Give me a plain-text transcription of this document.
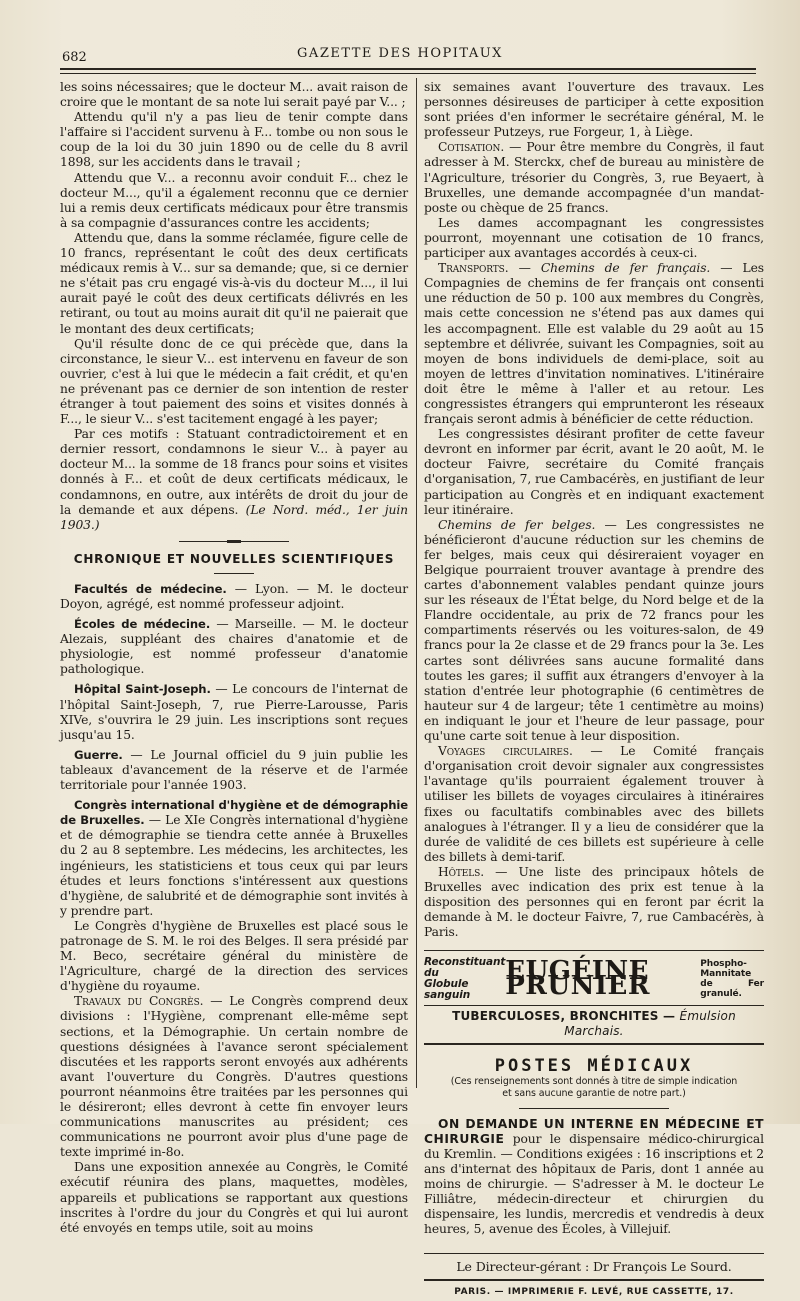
682	GAZETTE DES HOPITAUX

les soins nécessaires; que le docteur M... avait raison de croire que le montant de sa note lui serait payé par V... ;

Attendu qu'il n'y a pas lieu de tenir compte dans l'affaire si l'accident survenu à F... tombe ou non sous le coup de la loi du 30 juin 1890 ou de celle du 8 avril 1898, sur les accidents dans le travail ;

Attendu que V... a reconnu avoir conduit F... chez le docteur M..., qu'il a également reconnu que ce dernier lui a remis deux certificats médicaux pour être transmis à sa compagnie d'assurances contre les accidents;

Attendu que, dans la somme réclamée, figure celle de 10 francs, représentant le coût des deux certificats médicaux remis à V... sur sa demande; que, si ce dernier ne s'était pas cru engagé vis-à-vis du docteur M..., il lui aurait payé le coût des deux certificats délivrés en les retirant, ou tout au moins aurait dit qu'il ne paierait que le montant des deux certificats;

Qu'il résulte donc de ce qui précède que, dans la circonstance, le sieur V... est intervenu en faveur de son ouvrier, c'est à lui que le médecin a fait crédit, et qu'en ne prévenant pas ce dernier de son intention de rester étranger à tout paiement des soins et visites donnés à F..., le sieur V... s'est tacitement engagé à les payer;

Par ces motifs : Statuant contradictoirement et en dernier ressort, condamnons le sieur V... à payer au docteur M... la somme de 18 francs pour soins et visites donnés à F... et coût de deux certificats médicaux, le condamnons, en outre, aux intérêts de droit du jour de la demande et aux dépens. (Le Nord. méd., 1er juin 1903.)

CHRONIQUE ET NOUVELLES SCIENTIFIQUES

Facultés de médecine. — Lyon. — M. le docteur Doyon, agrégé, est nommé professeur adjoint.

Écoles de médecine. — Marseille. — M. le docteur Alezais, suppléant des chaires d'anatomie et de physiologie, est nommé professeur d'anatomie pathologique.

Hôpital Saint-Joseph. — Le concours de l'internat de l'hôpital Saint-Joseph, 7, rue Pierre-Larousse, Paris XIVe, s'ouvrira le 29 juin. Les inscriptions sont reçues jusqu'au 15.

Guerre. — Le Journal officiel du 9 juin publie les tableaux d'avancement de la réserve et de l'armée territoriale pour l'année 1903.

Congrès international d'hygiène et de démographie de Bruxelles. — Le XIe Congrès international d'hygiène et de démographie se tiendra cette année à Bruxelles du 2 au 8 septembre. Les médecins, les architectes, les ingénieurs, les statisticiens et tous ceux qui par leurs études et leurs fonctions s'intéressent aux questions d'hygiène, de salubrité et de démographie sont invités à y prendre part.

Le Congrès d'hygiène de Bruxelles est placé sous le patronage de S. M. le roi des Belges. Il sera présidé par M. Beco, secrétaire général du ministère de l'Agriculture, chargé de la direction des services d'hygiène du royaume.

Travaux du Congrès. — Le Congrès comprend deux divisions : l'Hygiène, comprenant elle-même sept sections, et la Démographie. Un certain nombre de questions désignées à l'avance seront spécialement discutées et les rapports seront envoyés aux adhérents avant l'ouverture du Congrès. D'autres questions pourront néanmoins être traitées par les personnes qui le désireront; elles devront à cette fin envoyer leurs communications manuscrites au président; ces communications ne pourront avoir plus d'une page de texte imprimé in-8o.

Dans une exposition annexée au Congrès, le Comité exécutif réunira des plans, maquettes, modèles, appareils et publications se rapportant aux questions inscrites à l'ordre du jour du Congrès et qui lui auront été envoyés en temps utile, soit au moins

six semaines avant l'ouverture des travaux. Les personnes désireuses de participer à cette exposition sont priées d'en informer le secrétaire général, M. le professeur Putzeys, rue Forgeur, 1, à Liège.

Cotisation. — Pour être membre du Congrès, il faut adresser à M. Sterckx, chef de bureau au ministère de l'Agriculture, trésorier du Congrès, 3, rue Beyaert, à Bruxelles, une demande accompagnée d'un mandat-poste ou chèque de 25 francs.

Les dames accompagnant les congressistes pourront, moyennant une cotisation de 10 francs, participer aux avantages accordés à ceux-ci.

Transports. — Chemins de fer français. — Les Compagnies de chemins de fer français ont consenti une réduction de 50 p. 100 aux membres du Congrès, mais cette concession ne s'étend pas aux dames qui les accompagnent. Elle est valable du 29 août au 15 septembre et délivrée, suivant les Compagnies, soit au moyen de bons individuels de demi-place, soit au moyen de lettres d'invitation nominatives. L'itinéraire doit être le même à l'aller et au retour. Les congressistes étrangers qui emprunteront les réseaux français seront admis à bénéficier de cette réduction.

Les congressistes désirant profiter de cette faveur devront en informer par écrit, avant le 20 août, M. le docteur Faivre, secrétaire du Comité français d'organisation, 7, rue Cambacérès, en justifiant de leur participation au Congrès et en indiquant exactement leur itinéraire.

Chemins de fer belges. — Les congressistes ne bénéficieront d'aucune réduction sur les chemins de fer belges, mais ceux qui désireraient voyager en Belgique pourraient trouver avantage à prendre des cartes d'abonnement valables pendant quinze jours sur les réseaux de l'État belge, du Nord belge et de la Flandre occidentale, au prix de 72 francs pour les compartiments réservés ou les voitures-salon, de 49 francs pour la 2e classe et de 29 francs pour la 3e. Les cartes sont délivrées sans aucune formalité dans toutes les gares; il suffit aux étrangers d'envoyer à la station d'entrée leur photographie (6 centimètres de hauteur sur 4 de largeur; tête 1 centimètre au moins) en indiquant le jour et l'heure de leur passage, pour qu'une carte soit tenue à leur disposition.

Voyages circulaires. — Le Comité français d'organisation croit devoir signaler aux congressistes l'avantage qu'ils pourraient également trouver à utiliser les billets de voyages circulaires à itinéraires fixes ou facultatifs combinables avec des billets analogues à l'étranger. Il y a lieu de considérer que la durée de validité de ces billets est supérieure à celle des billets à demi-tarif.

Hôtels. — Une liste des principaux hôtels de Bruxelles avec indication des prix est tenue à la disposition des personnes qui en feront par écrit la demande à M. le docteur Faivre, 7, rue Cambacérès, à Paris.

Reconstituant du
Globule sanguin
EUGÉINE PRUNIER
Phospho-Mannitate
de Fer granulé.
TUBERCULOSES, BRONCHITES — Émulsion Marchais.
POSTES MÉDICAUX
(Ces renseignements sont donnés à titre de simple indication
et sans aucune garantie de notre part.)

ON DEMANDE UN INTERNE EN MÉDECINE ET CHIRURGIE pour le dispensaire médico-chirurgical du Kremlin. — Conditions exigées : 16 inscriptions et 2 ans d'internat des hôpitaux de Paris, dont 1 année au moins de chirurgie. — S'adresser à M. le docteur Le Filliâtre, médecin-directeur et chirurgien du dispensaire, les lundis, mercredis et vendredis à deux heures, 5, avenue des Écoles, à Villejuif.

Le Directeur-gérant : Dr François Le Sourd.
PARIS. — IMPRIMERIE F. LEVÉ, RUE CASSETTE, 17.
